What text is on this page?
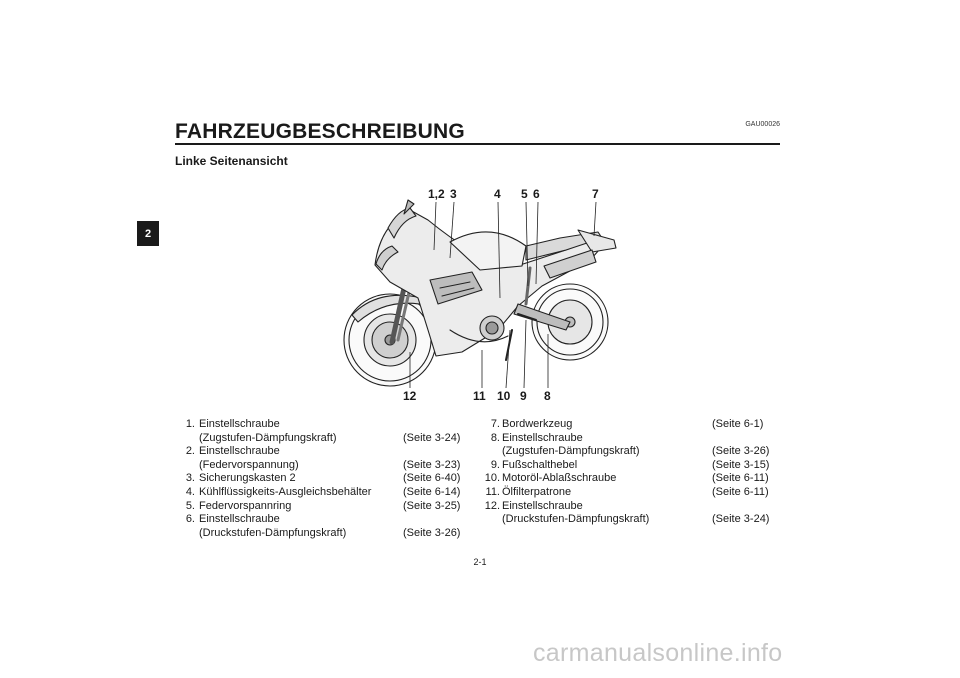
2
GAU00026
FAHRZEUGBESCHREIBUNG
Linke Seitenansicht
1,2 3	4 5 6	7
12	11 10 9 8
1. Einstellschraube
(Zugstufen-Dämpfungskraft)	(Seite 3-24)
2. Einstellschraube
(Federvorspannung)	(Seite 3-23)
3. Sicherungskasten 2	(Seite 6-40)
4. Kühlflüssigkeits-Ausgleichsbehälter	(Seite 6-14)
5. Federvorspannring	(Seite 3-25)
6. Einstellschraube
(Druckstufen-Dämpfungskraft)	(Seite 3-26)
7. Bordwerkzeug	(Seite 6-1)
8. Einstellschraube
(Zugstufen-Dämpfungskraft)	(Seite 3-26)
9. Fußschalthebel	(Seite 3-15)
10. Motoröl-Ablaßschraube	(Seite 6-11)
11. Ölfilterpatrone	(Seite 6-11)
12. Einstellschraube
(Druckstufen-Dämpfungskraft)	(Seite 3-24)
2-1
carmanualsonline.info
